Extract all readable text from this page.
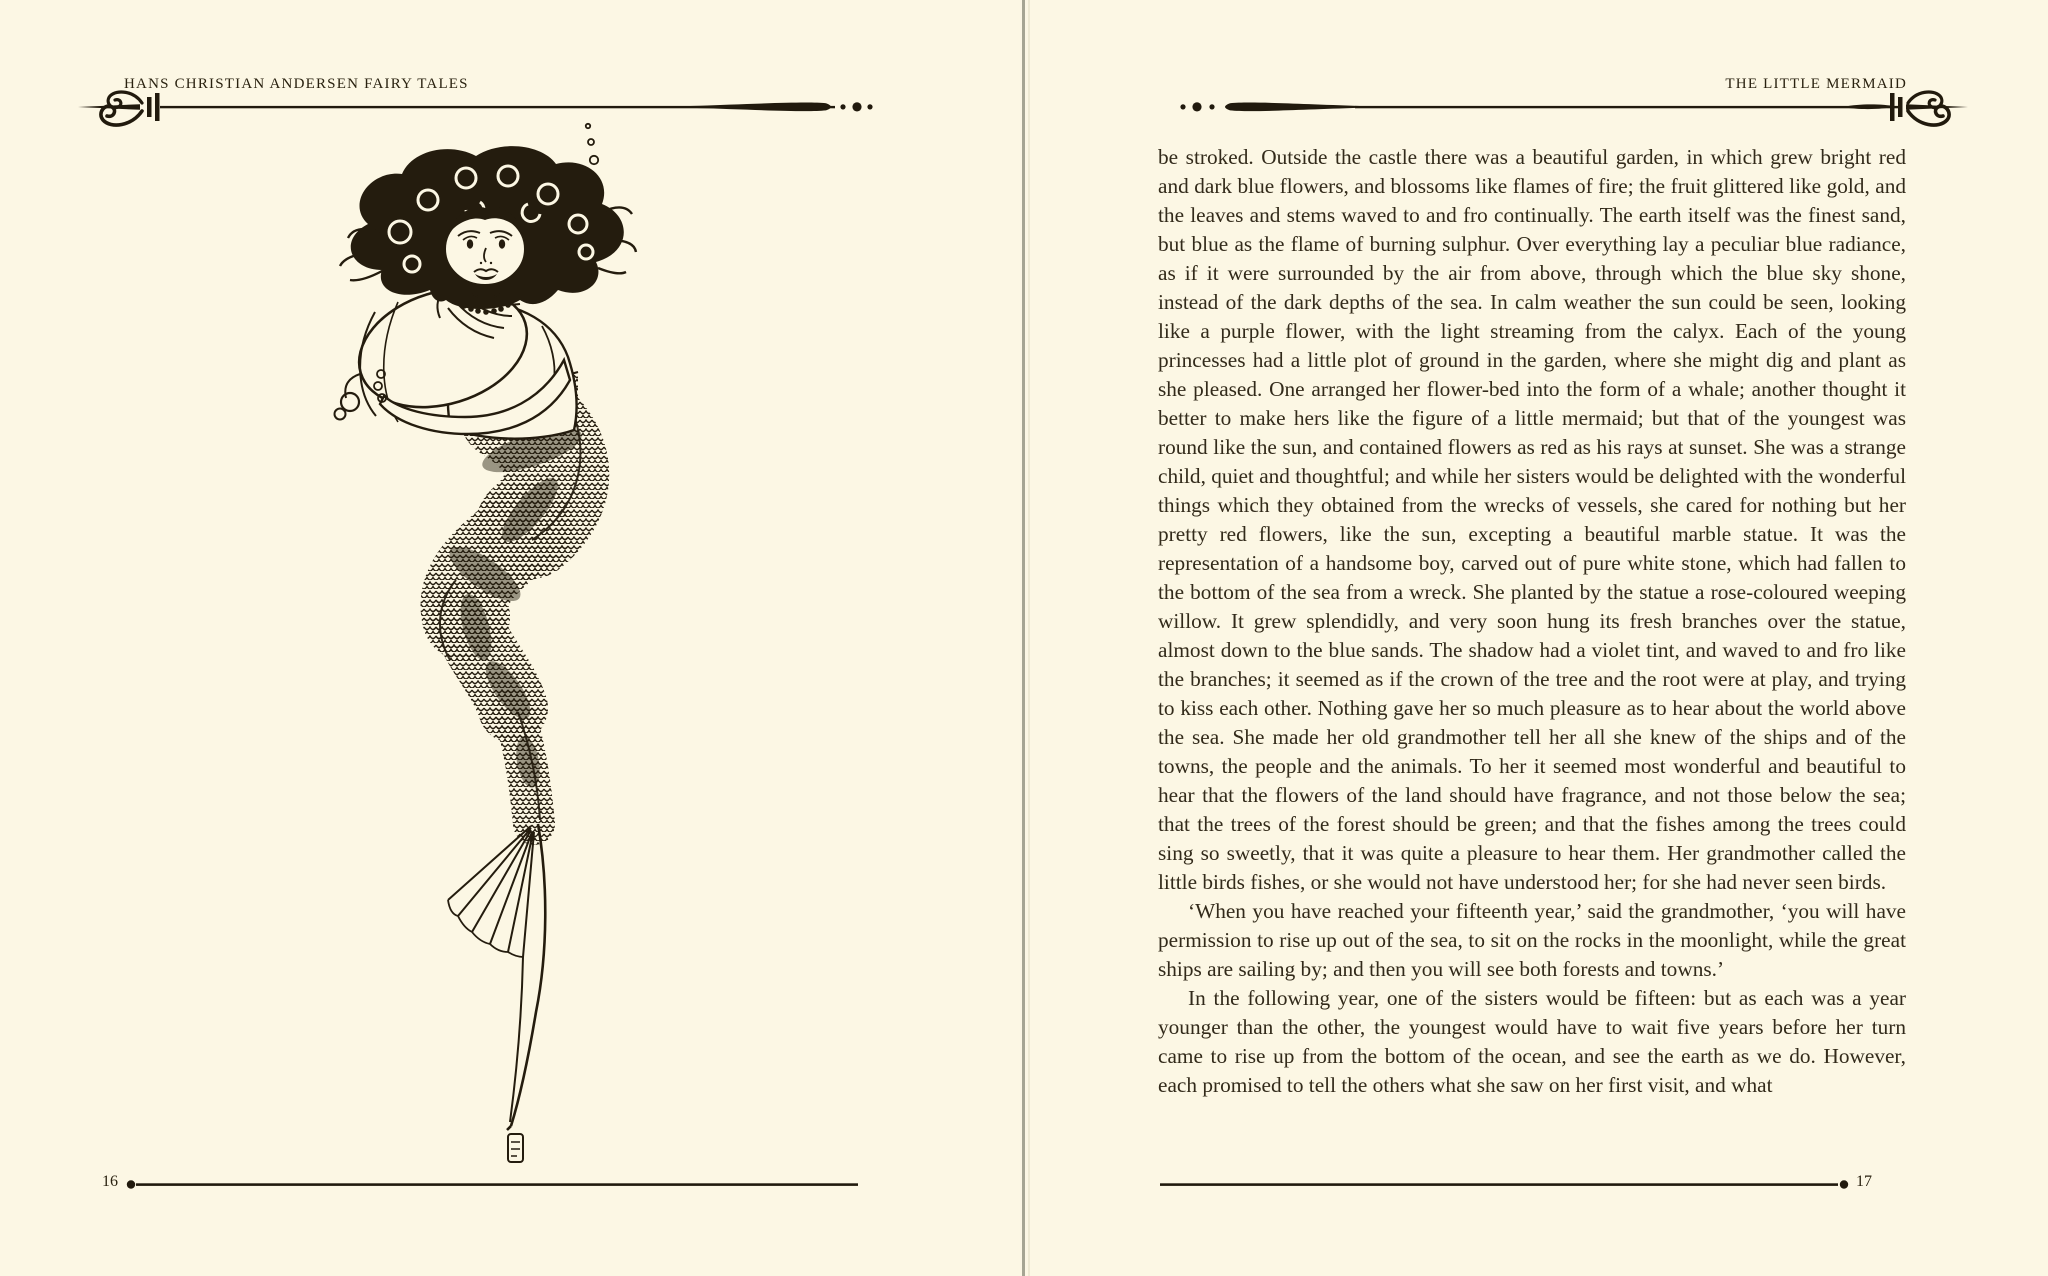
HANS CHRISTIAN ANDERSEN FAIRY TALES	THE LITTLE MERMAID

be stroked. Outside the castle there was a beautiful garden, in which grew bright red and dark blue flowers, and blossoms like flames of fire; the fruit glittered like gold, and the leaves and stems waved to and fro continually. The earth itself was the finest sand, but blue as the flame of burning sulphur. Over everything lay a peculiar blue radiance, as if it were surrounded by the air from above, through which the blue sky shone, instead of the dark depths of the sea. In calm weather the sun could be seen, looking like a purple flower, with the light streaming from the calyx. Each of the young princesses had a little plot of ground in the garden, where she might dig and plant as she pleased. One arranged her flower-bed into the form of a whale; another thought it better to make hers like the figure of a little mermaid; but that of the youngest was round like the sun, and contained flowers as red as his rays at sunset. She was a strange child, quiet and thoughtful; and while her sisters would be delighted with the wonderful things which they obtained from the wrecks of vessels, she cared for nothing but her pretty red flowers, like the sun, excepting a beautiful marble statue. It was the representation of a handsome boy, carved out of pure white stone, which had fallen to the bottom of the sea from a wreck. She planted by the statue a rose-coloured weeping willow. It grew splendidly, and very soon hung its fresh branches over the statue, almost down to the blue sands. The shadow had a violet tint, and waved to and fro like the branches; it seemed as if the crown of the tree and the root were at play, and trying to kiss each other. Nothing gave her so much pleasure as to hear about the world above the sea. She made her old grandmother tell her all she knew of the ships and of the towns, the people and the animals. To her it seemed most wonderful and beautiful to hear that the flowers of the land should have fragrance, and not those below the sea; that the trees of the forest should be green; and that the fishes among the trees could sing so sweetly, that it was quite a pleasure to hear them. Her grandmother called the little birds fishes, or she would not have understood her; for she had never seen birds.

‘When you have reached your fifteenth year,’ said the grandmother, ‘you will have permission to rise up out of the sea, to sit on the rocks in the moonlight, while the great ships are sailing by; and then you will see both forests and towns.’

In the following year, one of the sisters would be fifteen: but as each was a year younger than the other, the youngest would have to wait five years before her turn came to rise up from the bottom of the ocean, and see the earth as we do. However, each promised to tell the others what she saw on her first visit, and what

16	17
